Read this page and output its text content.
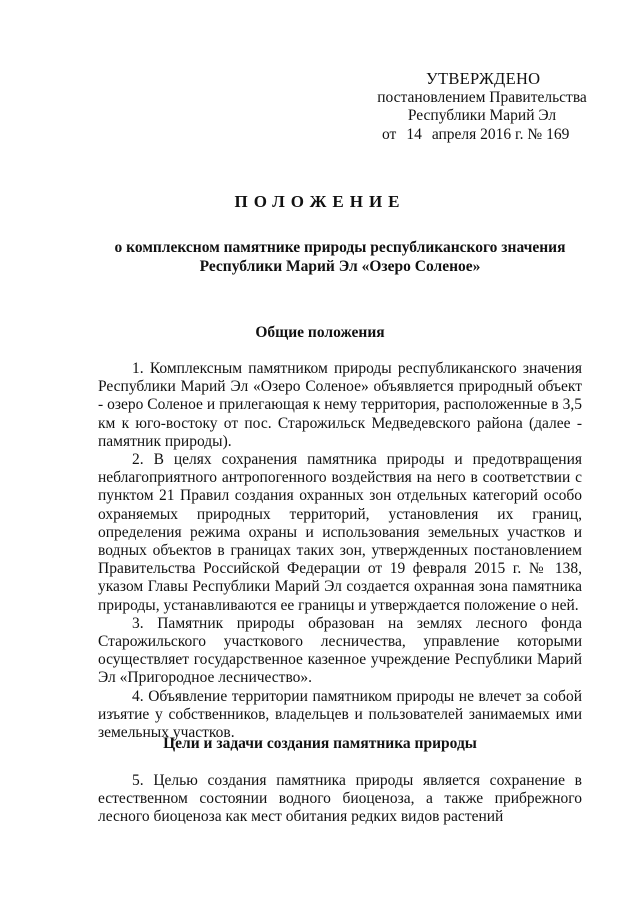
УТВЕРЖДЕНО
постановлением Правительства
Республики Марий Эл
от 14 апреля 2016 г. № 169
ПОЛОЖЕНИЕ
о комплексном памятнике природы республиканского значения
Республики Марий Эл «Озеро Соленое»
Общие положения

1. Комплексным памятником природы республиканского значения Республики Марий Эл «Озеро Соленое» объявляется природный объект - озеро Соленое и прилегающая к нему территория, расположенные в 3,5 км к юго-востоку от пос. Старожильск Медведевского района (далее - памятник природы).

2. В целях сохранения памятника природы и предотвращения неблагоприятного антропогенного воздействия на него в соответствии с пунктом 21 Правил создания охранных зон отдельных категорий особо охраняемых природных территорий, установления их границ, определения режима охраны и использования земельных участков и водных объектов в границах таких зон, утвержденных постановлением Правительства Российской Федерации от 19 февраля 2015 г. № 138, указом Главы Республики Марий Эл создается охранная зона памятника природы, устанавливаются ее границы и утверждается положение о ней.

3. Памятник природы образован на землях лесного фонда Старожильского участкового лесничества, управление которыми осуществляет государственное казенное учреждение Республики Марий Эл «Пригородное лесничество».

4. Объявление территории памятником природы не влечет за собой изъятие у собственников, владельцев и пользователей занимаемых ими земельных участков.

Цели и задачи создания памятника природы

5. Целью создания памятника природы является сохранение в естественном состоянии водного биоценоза, а также прибрежного лесного биоценоза как мест обитания редких видов растений
